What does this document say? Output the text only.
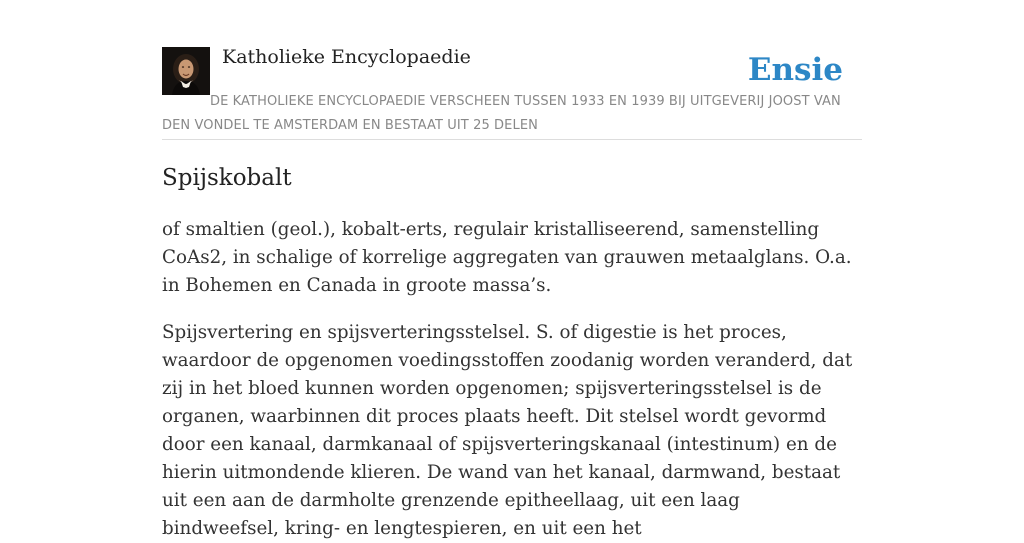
Katholieke Encyclopaedie	Ensie
DE KATHOLIEKE ENCYCLOPAEDIE VERSCHEEN TUSSEN 1933 EN 1939 BIJ UITGEVERIJ JOOST VAN DEN VONDEL TE AMSTERDAM EN BESTAAT UIT 25 DELEN
Spijskobalt

of smaltien (geol.), kobalt-erts, regulair kristalliseerend, samenstelling CoAs2, in schalige of korrelige aggregaten van grauwen metaalglans. O.a. in Bohemen en Canada in groote massa’s.

Spijsvertering en spijsverteringsstelsel. S. of digestie is het proces, waardoor de opgenomen voedingsstoffen zoodanig worden veranderd, dat zij in het bloed kunnen worden opgenomen; spijsverteringsstelsel is de organen, waarbinnen dit proces plaats heeft. Dit stelsel wordt gevormd door een kanaal, darmkanaal of spijsverteringskanaal (intestinum) en de hierin uitmondende klieren. De wand van het kanaal, darmwand, bestaat uit een aan de darmholte grenzende epitheellaag, uit een laag bindweefsel, kring- en lengtespieren, en uit een het
